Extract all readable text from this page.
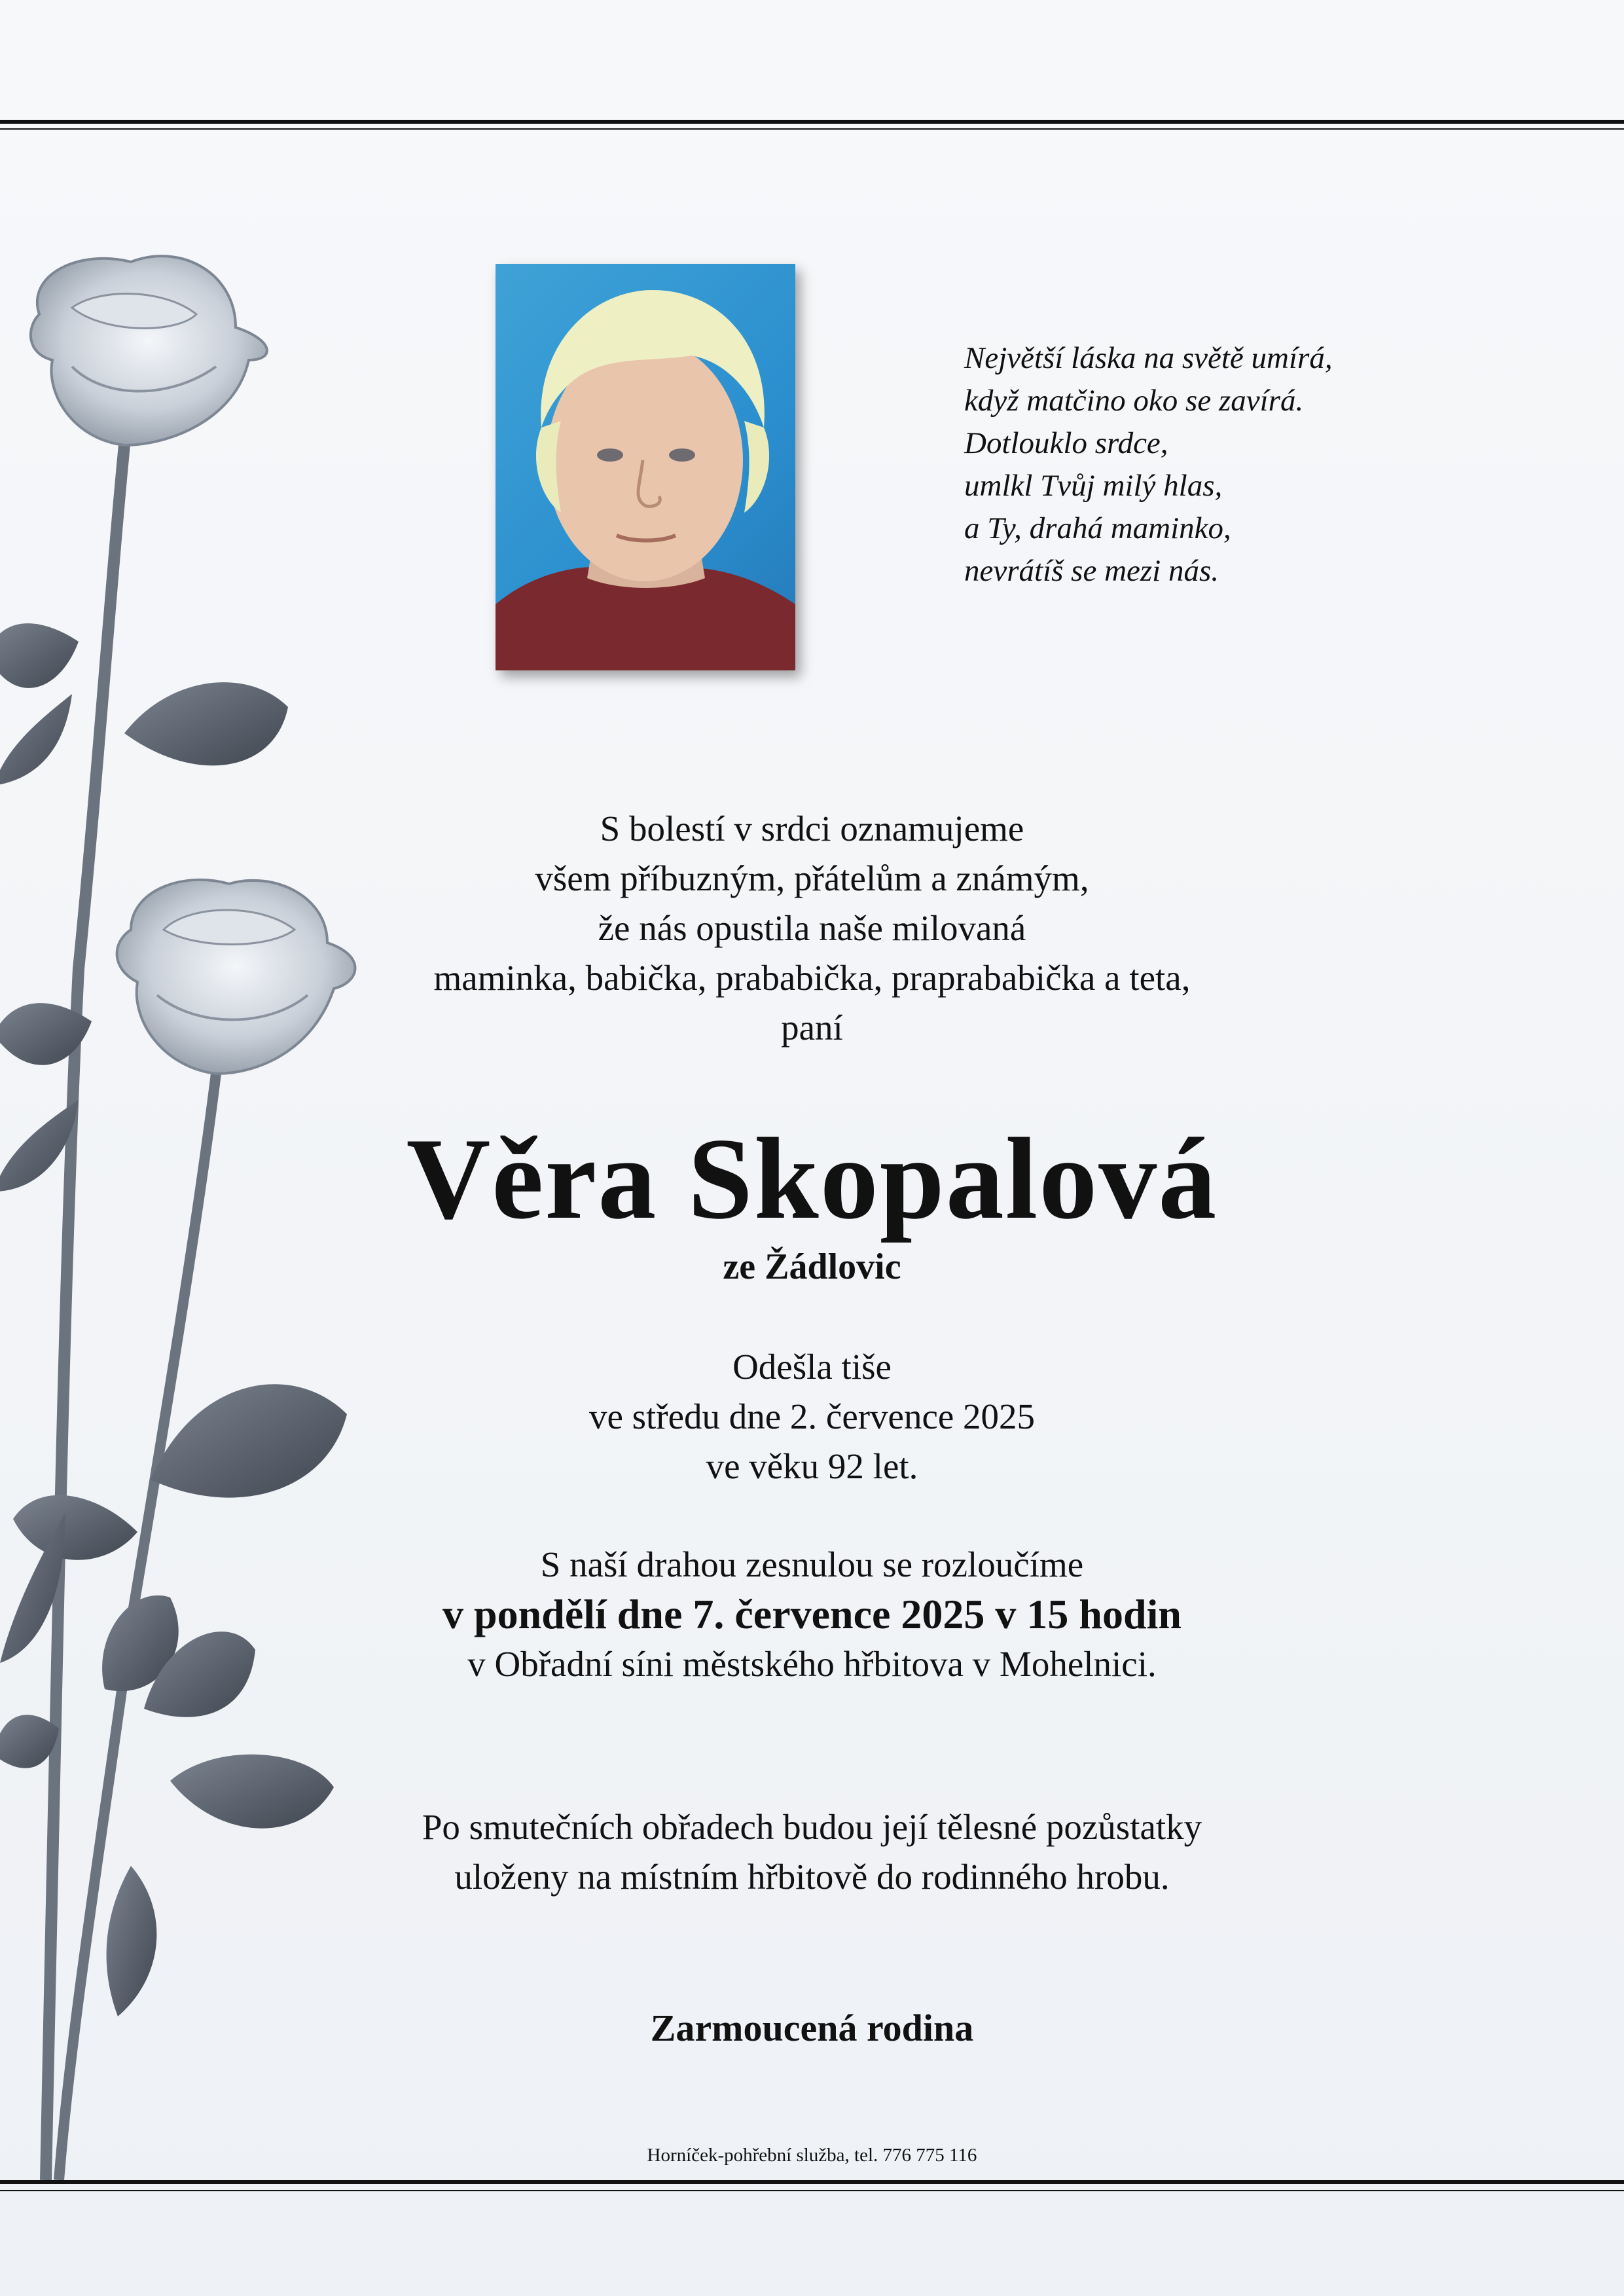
Největší láska na světě umírá,
když matčino oko se zavírá.
Dotlouklo srdce,
umlkl Tvůj milý hlas,
a Ty, drahá maminko,
nevrátíš se mezi nás.
S bolestí v srdci oznamujeme
všem příbuzným, přátelům a známým,
že nás opustila naše milovaná
maminka, babička, prababička, praprababička a teta,
paní
Věra Skopalová
ze Žádlovic
Odešla tiše
ve středu dne 2. července 2025
ve věku 92 let.
S naší drahou zesnulou se rozloučíme
v pondělí dne 7. července 2025 v 15 hodin
v Obřadní síni městského hřbitova v Mohelnici.
Po smutečních obřadech budou její tělesné pozůstatky
uloženy na místním hřbitově do rodinného hrobu.
Zarmoucená rodina
Horníček-pohřební služba, tel. 776 775 116
